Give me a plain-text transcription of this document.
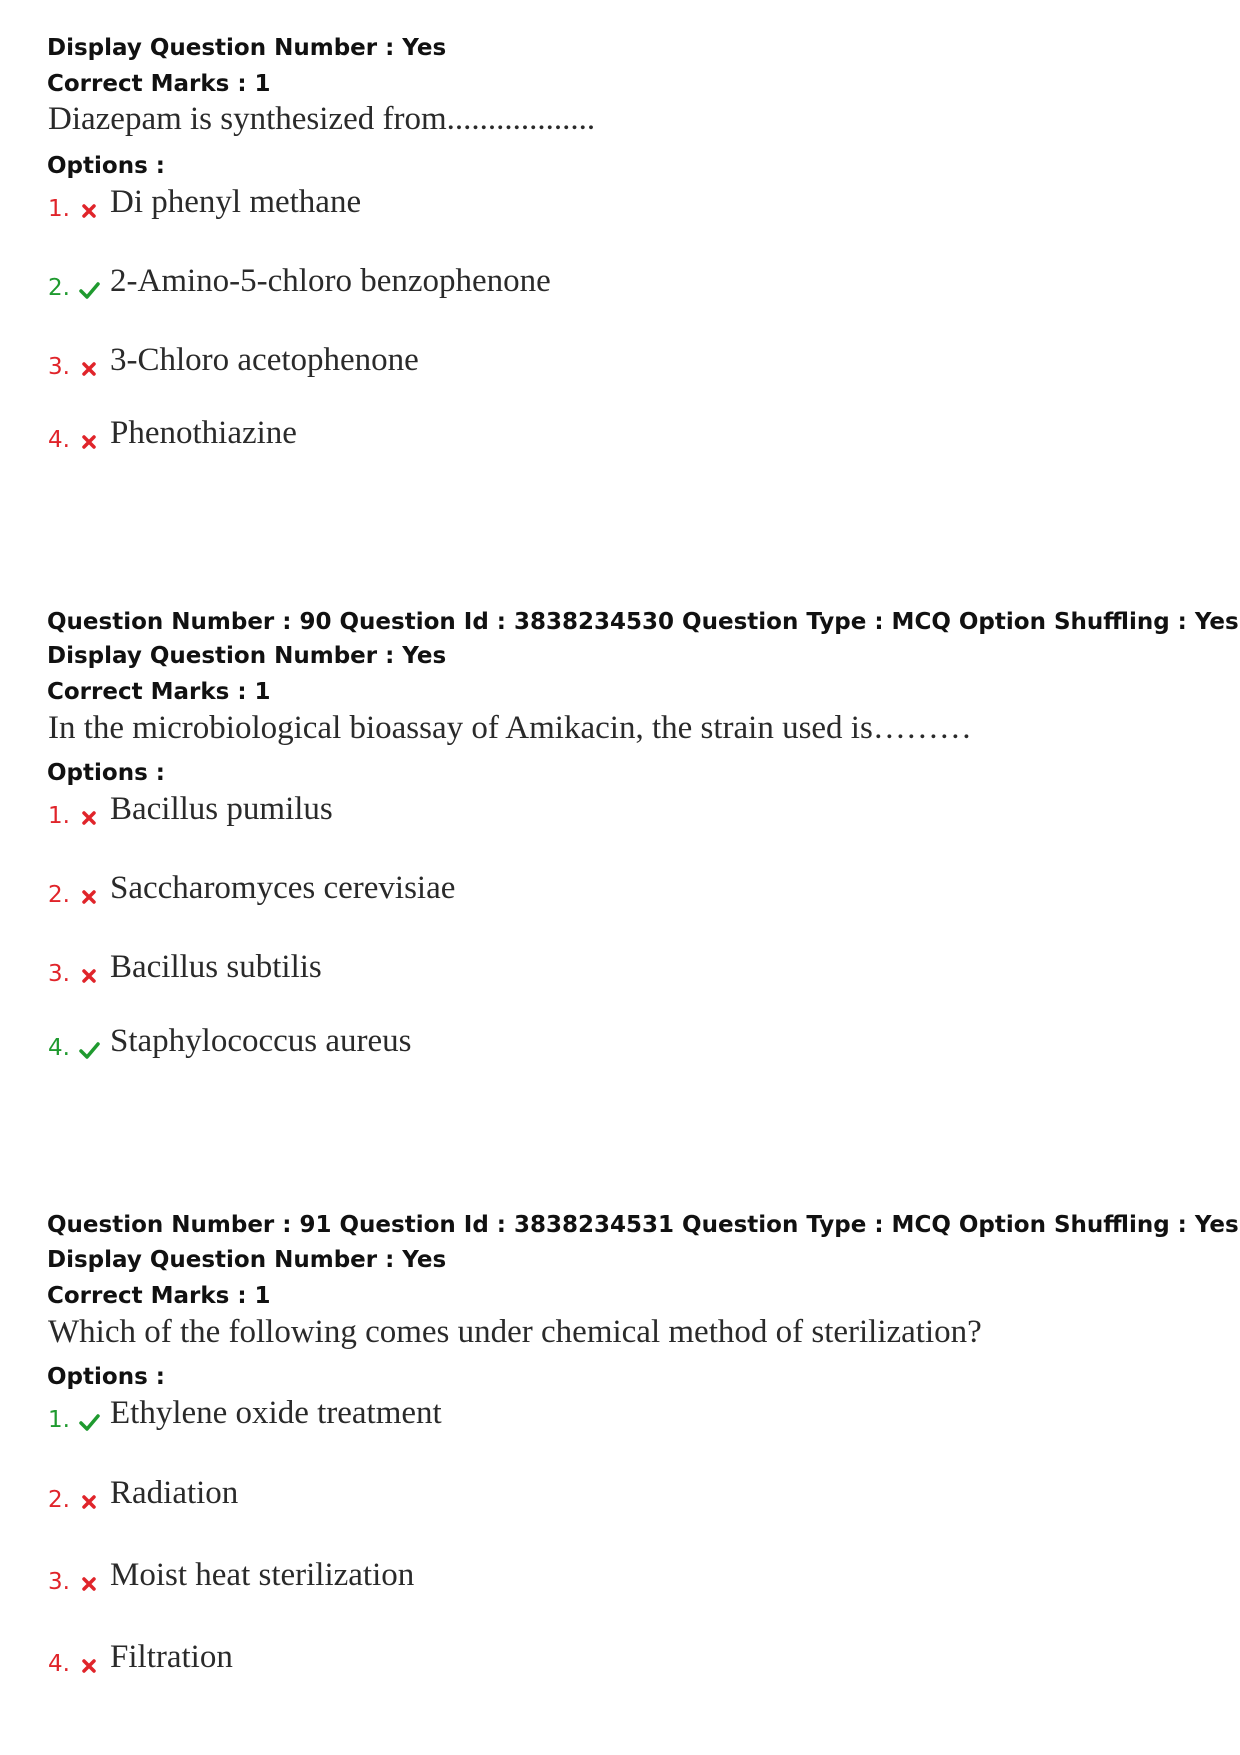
Display Question Number : Yes
Correct Marks : 1
Diazepam is synthesized from..................
Options :
1. Di phenyl methane
2. 2-Amino-5-chloro benzophenone
3. 3-Chloro acetophenone
4. Phenothiazine
Question Number : 90 Question Id : 3838234530 Question Type : MCQ Option Shuffling : Yes
Display Question Number : Yes
Correct Marks : 1
In the microbiological bioassay of Amikacin, the strain used is………
Options :
1. Bacillus pumilus
2. Saccharomyces cerevisiae
3. Bacillus subtilis
4. Staphylococcus aureus
Question Number : 91 Question Id : 3838234531 Question Type : MCQ Option Shuffling : Yes
Display Question Number : Yes
Correct Marks : 1
Which of the following comes under chemical method of sterilization?
Options :
1. Ethylene oxide treatment
2. Radiation
3. Moist heat sterilization
4. Filtration
